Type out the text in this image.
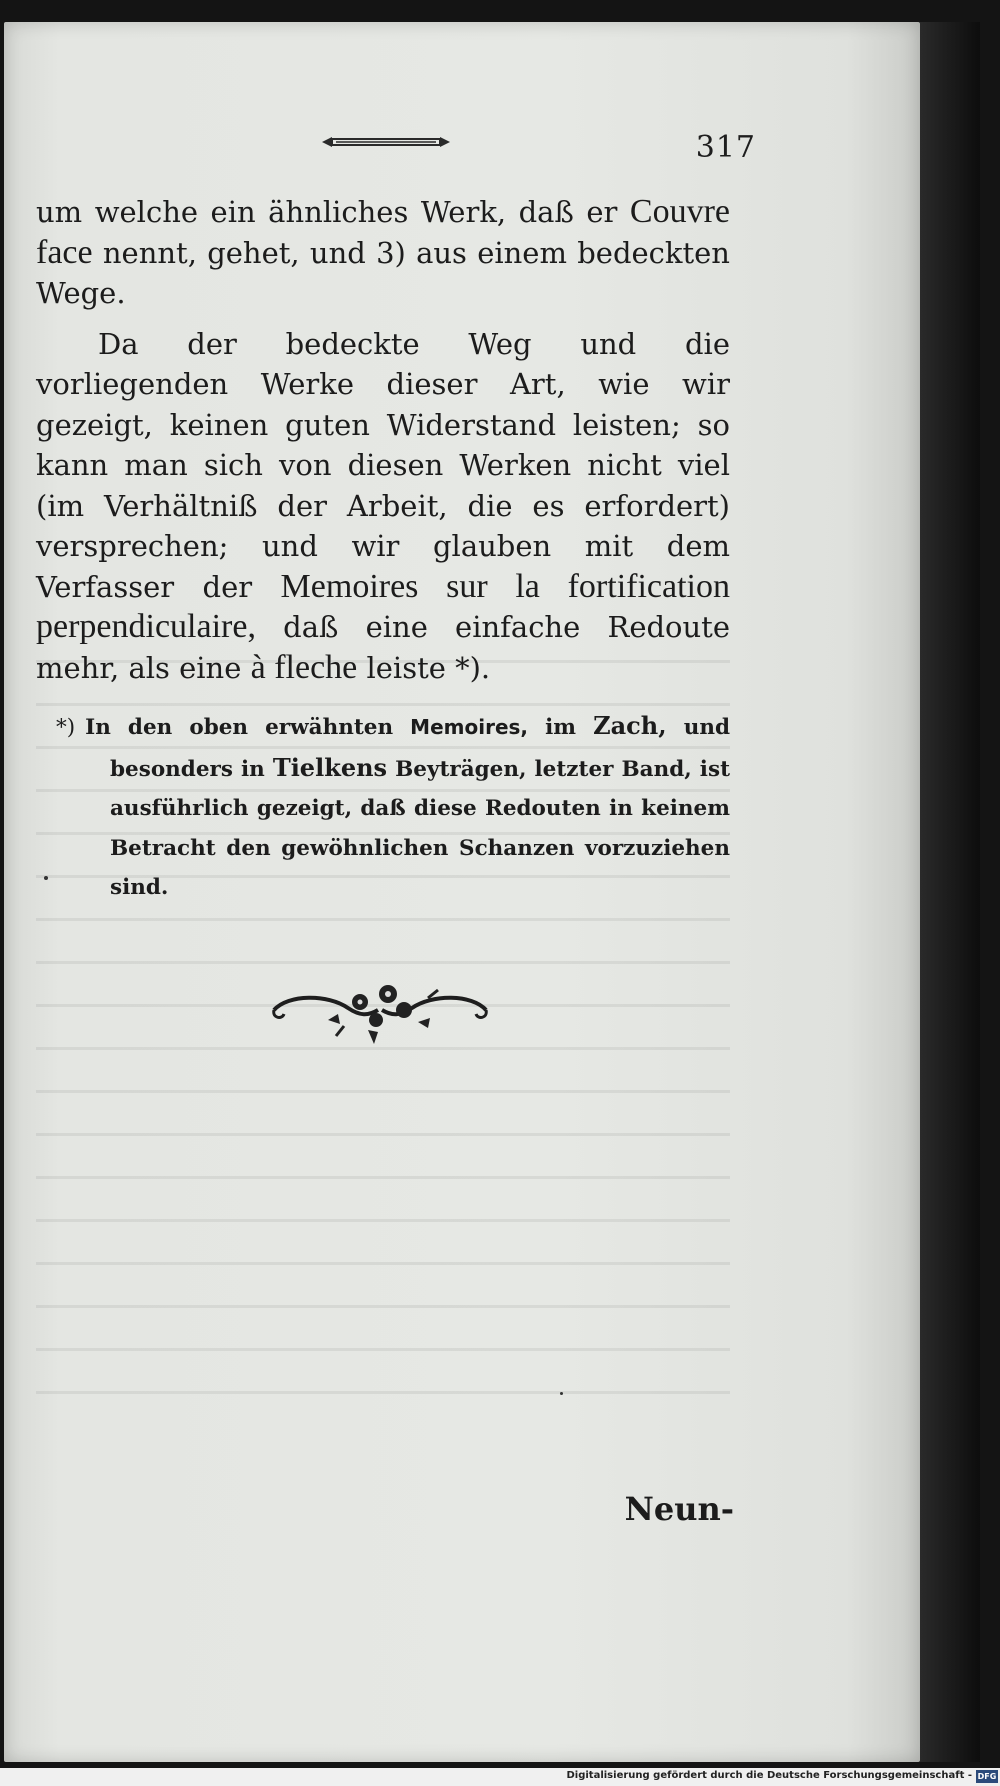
317

um welche ein ähnliches Werk, daß er Couvre face nennt, gehet, und 3) aus einem bedeckten Wege.

Da der bedeckte Weg und die vorliegenden Werke dieser Art, wie wir gezeigt, keinen guten Widerstand leisten; so kann man sich von diesen Werken nicht viel (im Verhältniß der Arbeit, die es erfordert) versprechen; und wir glauben mit dem Verfasser der Memoires sur la fortification perpendiculaire, daß eine einfache Redoute mehr, als eine à fleche leiste *).

*) In den oben erwähnten Memoires, im Zach, und besonders in Tielkens Beyträgen, letzter Band, ist ausführlich gezeigt, daß diese Redouten in keinem Betracht den gewöhnlichen Schanzen vorzuziehen sind.
Neun-
Digitalisierung gefördert durch die Deutsche Forschungsgemeinschaft - DFG
